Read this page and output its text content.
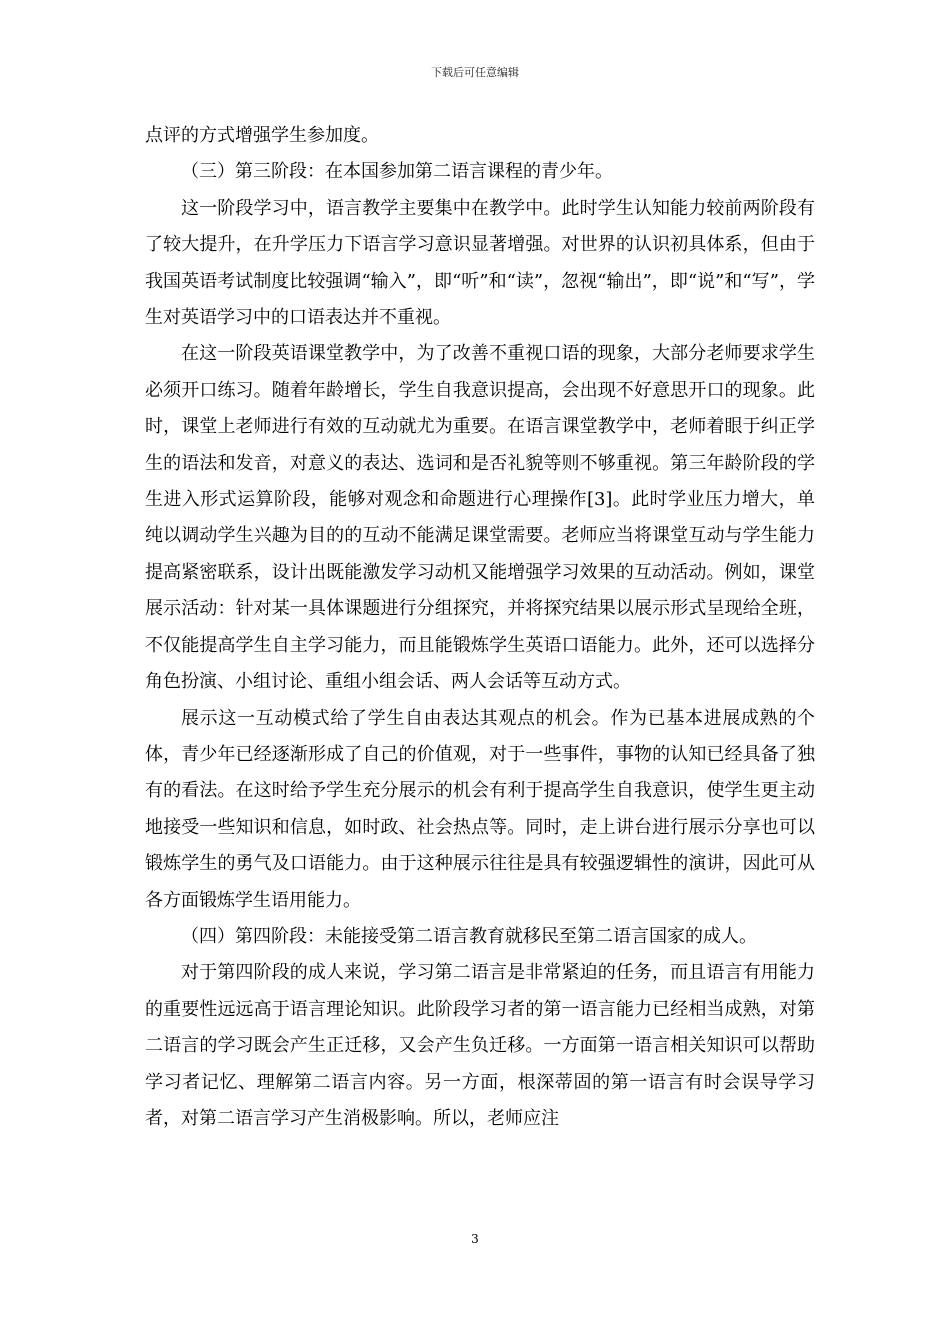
下载后可任意编辑

点评的方式增强学生参加度。

（三）第三阶段：在本国参加第二语言课程的青少年。

这一阶段学习中，语言教学主要集中在教学中。此时学生认知能力较前两阶段有了较大提升，在升学压力下语言学习意识显著增强。对世界的认识初具体系，但由于我国英语考试制度比较强调“输入”，即“听”和“读”，忽视“输出”，即“说”和“写”，学生对英语学习中的口语表达并不重视。

在这一阶段英语课堂教学中，为了改善不重视口语的现象，大部分老师要求学生必须开口练习。随着年龄增长，学生自我意识提高，会出现不好意思开口的现象。此时，课堂上老师进行有效的互动就尤为重要。在语言课堂教学中，老师着眼于纠正学生的语法和发音，对意义的表达、选词和是否礼貌等则不够重视。第三年龄阶段的学生进入形式运算阶段，能够对观念和命题进行心理操作[3]。此时学业压力增大，单纯以调动学生兴趣为目的的互动不能满足课堂需要。老师应当将课堂互动与学生能力提高紧密联系，设计出既能激发学习动机又能增强学习效果的互动活动。例如，课堂展示活动：针对某一具体课题进行分组探究，并将探究结果以展示形式呈现给全班，不仅能提高学生自主学习能力，而且能锻炼学生英语口语能力。此外，还可以选择分角色扮演、小组讨论、重组小组会话、两人会话等互动方式。

展示这一互动模式给了学生自由表达其观点的机会。作为已基本进展成熟的个体，青少年已经逐渐形成了自己的价值观，对于一些事件，事物的认知已经具备了独有的看法。在这时给予学生充分展示的机会有利于提高学生自我意识，使学生更主动地接受一些知识和信息，如时政、社会热点等。同时，走上讲台进行展示分享也可以锻炼学生的勇气及口语能力。由于这种展示往往是具有较强逻辑性的演讲，因此可从各方面锻炼学生语用能力。

（四）第四阶段：未能接受第二语言教育就移民至第二语言国家的成人。

对于第四阶段的成人来说，学习第二语言是非常紧迫的任务，而且语言有用能力的重要性远远高于语言理论知识。此阶段学习者的第一语言能力已经相当成熟，对第二语言的学习既会产生正迁移，又会产生负迁移。一方面第一语言相关知识可以帮助学习者记忆、理解第二语言内容。另一方面，根深蒂固的第一语言有时会误导学习者，对第二语言学习产生消极影响。所以，老师应注

3
